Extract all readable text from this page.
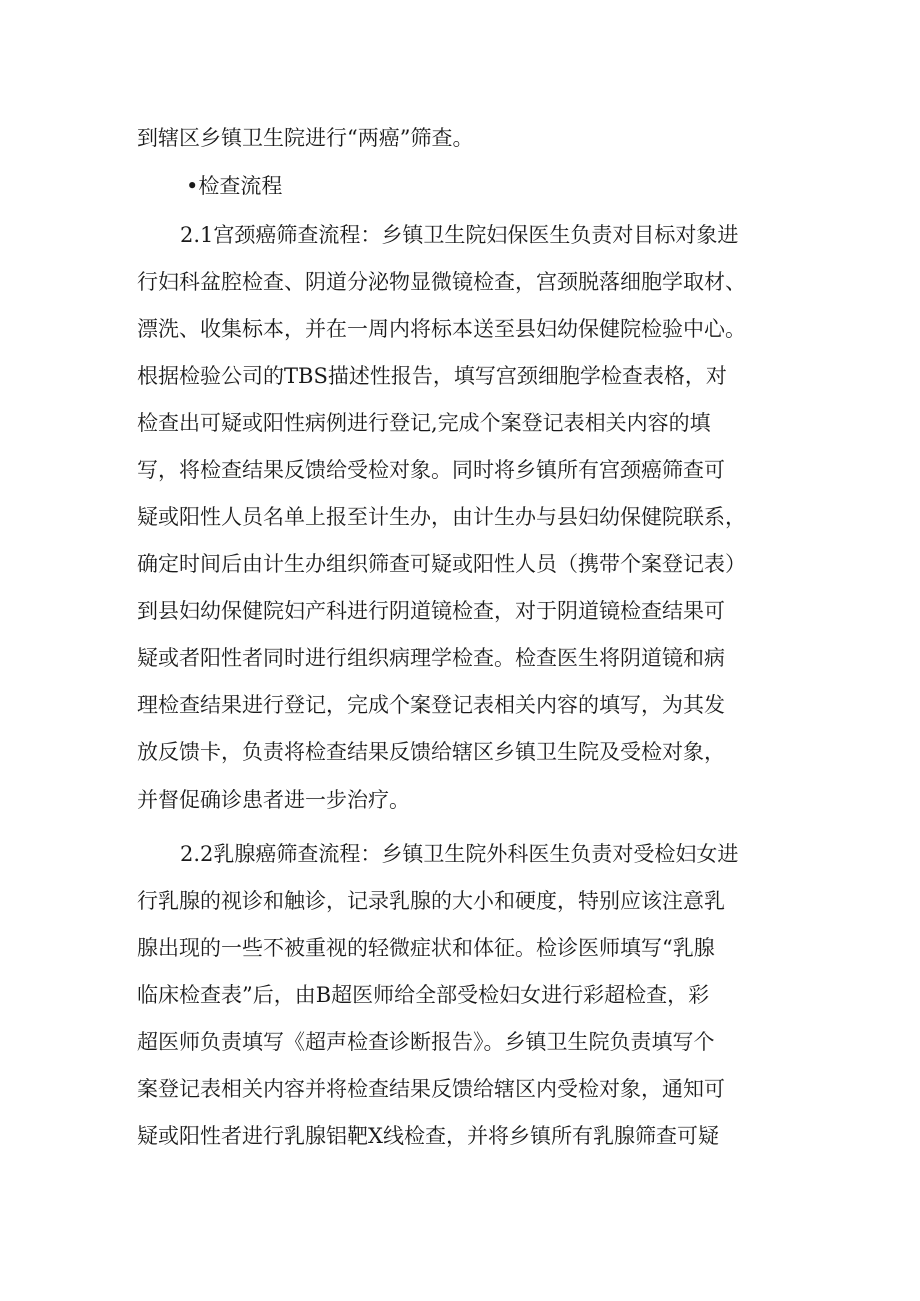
到辖区乡镇卫生院进行“两癌”筛查。
•检查流程
2.1宫颈癌筛查流程：乡镇卫生院妇保医生负责对目标对象进
行妇科盆腔检查、阴道分泌物显微镜检查，宫颈脱落细胞学取材、
漂洗、收集标本，并在一周内将标本送至县妇幼保健院检验中心。
根据检验公司的TBS描述性报告，填写宫颈细胞学检查表格，对
检查出可疑或阳性病例进行登记,完成个案登记表相关内容的填
写，将检查结果反馈给受检对象。同时将乡镇所有宫颈癌筛查可
疑或阳性人员名单上报至计生办，由计生办与县妇幼保健院联系，
确定时间后由计生办组织筛查可疑或阳性人员（携带个案登记表）
到县妇幼保健院妇产科进行阴道镜检查，对于阴道镜检查结果可
疑或者阳性者同时进行组织病理学检查。检查医生将阴道镜和病
理检查结果进行登记，完成个案登记表相关内容的填写，为其发
放反馈卡，负责将检查结果反馈给辖区乡镇卫生院及受检对象，
并督促确诊患者进一步治疗。
2.2乳腺癌筛查流程：乡镇卫生院外科医生负责对受检妇女进
行乳腺的视诊和触诊，记录乳腺的大小和硬度，特别应该注意乳
腺出现的一些不被重视的轻微症状和体征。检诊医师填写“乳腺
临床检查表”后，由B超医师给全部受检妇女进行彩超检查，彩
超医师负责填写《超声检查诊断报告》。乡镇卫生院负责填写个
案登记表相关内容并将检查结果反馈给辖区内受检对象，通知可
疑或阳性者进行乳腺铝靶X线检查，并将乡镇所有乳腺筛查可疑
